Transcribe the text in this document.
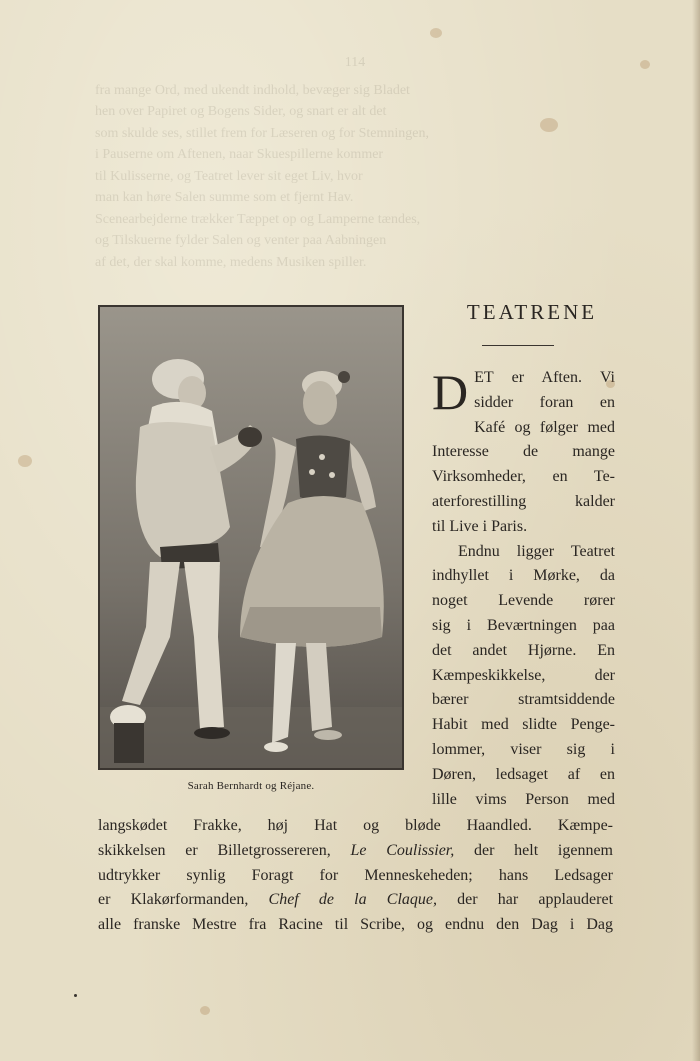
114
fra mange Ord, med ukendt indhold, bevæger sig Bladet
hen over Papiret og Bogens Sider, og snart er alt det
som skulde ses, stillet frem for Læseren og for Stemningen,
i Pauserne om Aftenen, naar Skuespillerne kommer
til Kulisserne, og Teatret lever sit eget Liv, hvor
man kan høre Salen summe som et fjernt Hav.
Scenearbejderne trækker Tæppet op og Lamperne tændes,
og Tilskuerne fylder Salen og venter paa Aabningen
af det, der skal komme, medens Musiken spiller.
Sarah Bernhardt og Réjane.
TEATRENE
D ET er Aften. Vi
sidder foran en
Kafé og følger med
Interesse de mange
Virksomheder, en Te-
aterforestilling kalder
til Live i Paris.
Endnu ligger Teatret
indhyllet i Mørke, da
noget Levende rører
sig i Beværtningen paa
det andet Hjørne. En
Kæmpeskikkelse, der
bærer stramtsiddende
Habit med slidte Penge-
lommer, viser sig i
Døren, ledsaget af en
lille vims Person med
langskødet Frakke, høj Hat og bløde Haandled. Kæmpe-
skikkelsen er Billetgrossereren, Le Coulissier, der helt igennem
udtrykker synlig Foragt for Menneskeheden; hans Ledsager
er Klakørformanden, Chef de la Claque, der har applauderet
alle franske Mestre fra Racine til Scribe, og endnu den Dag i Dag
